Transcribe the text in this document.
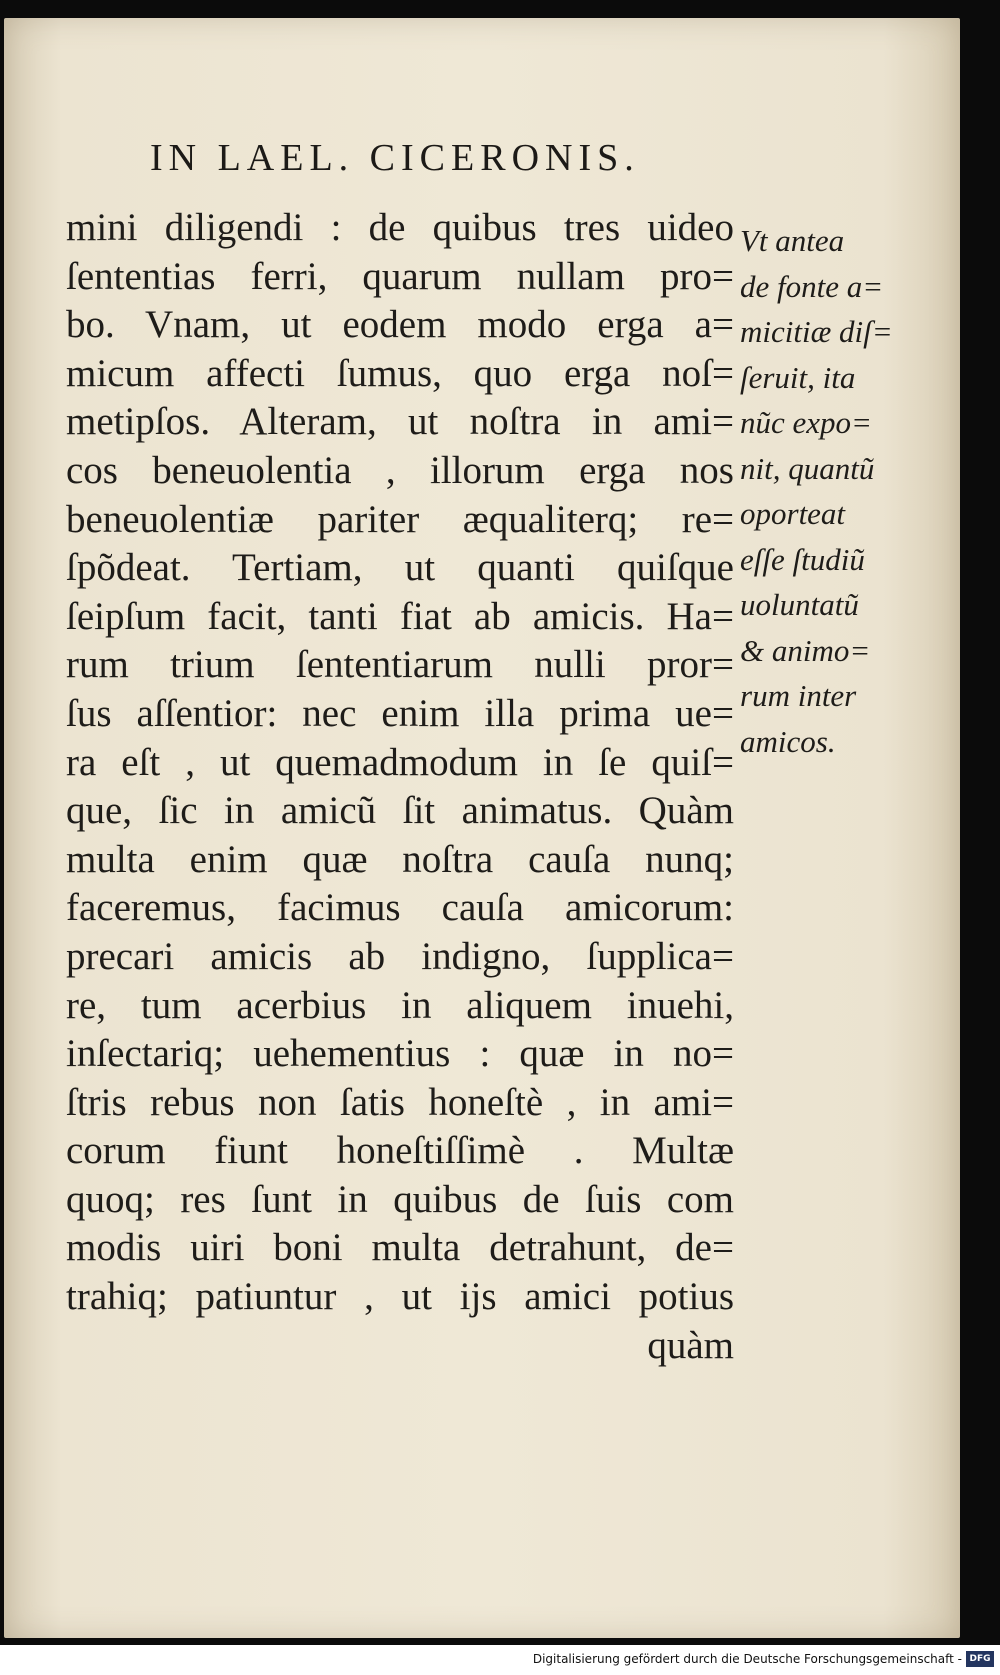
IN LAEL. CICERONIS.
mini diligendi : de quibus tres uideo
ſententias ferri, quarum nullam pro=
bo. Vnam, ut eodem modo erga a=
micum affecti ſumus, quo erga noſ=
metipſos. Alteram, ut noſtra in ami=
cos beneuolentia , illorum erga nos
beneuolentiæ pariter æqualiterq; re=
ſpõdeat. Tertiam, ut quanti quiſque
ſeipſum facit, tanti fiat ab amicis. Ha=
rum trium ſententiarum nulli pror=
ſus aſſentior: nec enim illa prima ue=
ra eſt , ut quemadmodum in ſe quiſ=
que, ſic in amicũ ſit animatus. Quàm
multa enim quæ noſtra cauſa nunq;
faceremus, facimus cauſa amicorum:
precari amicis ab indigno, ſupplica=
re, tum acerbius in aliquem inuehi,
inſectariq; uehementius : quæ in no=
ſtris rebus non ſatis honeſtè , in ami=
corum fiunt honeſtiſſimè . Multæ
quoq; res ſunt in quibus de ſuis com
modis uiri boni multa detrahunt, de=
trahiq; patiuntur , ut ijs amici potius
quàm
Vt antea
de fonte a=
micitiæ diſ=
ſeruit, ita
nũc expo=
nit, quantũ
oporteat
eſſe ſtudiũ
uoluntatũ
& animo=
rum inter
amicos.
Digitalisierung gefördert durch die Deutsche Forschungsgemeinschaft - DFG
